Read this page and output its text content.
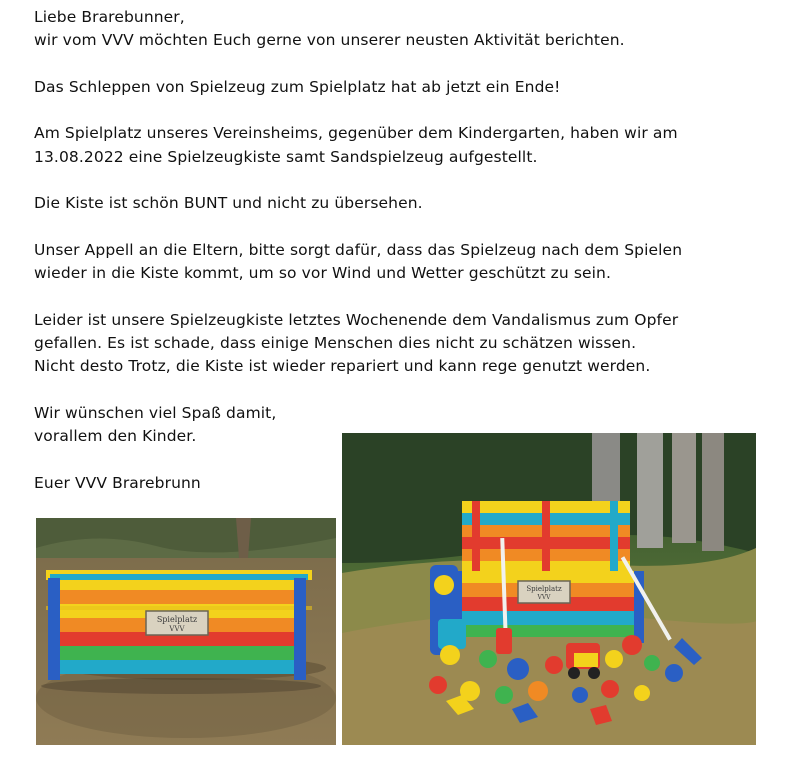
Liebe Brarebunner,
wir vom VVV möchten Euch gerne von unserer neusten Aktivität berichten.
Das Schleppen von Spielzeug zum Spielplatz hat ab jetzt ein Ende!
Am Spielplatz unseres Vereinsheims, gegenüber dem Kindergarten, haben wir am
13.08.2022 eine Spielzeugkiste samt Sandspielzeug aufgestellt.
Die Kiste ist schön BUNT und nicht zu übersehen.
Unser Appell an die Eltern, bitte sorgt dafür, dass das Spielzeug nach dem Spielen
wieder in die Kiste kommt, um so vor Wind und Wetter geschützt zu sein.
Leider ist unsere Spielzeugkiste letztes Wochenende dem Vandalismus zum Opfer
gefallen. Es ist schade, dass einige Menschen dies nicht zu schätzen wissen.
Nicht desto Trotz, die Kiste ist wieder repariert und kann rege genutzt werden.
Wir wünschen viel Spaß damit,
vorallem den Kinder.
Euer VVV Brarebrunn
Spielplatz
VVV
Spielplatz
VVV
